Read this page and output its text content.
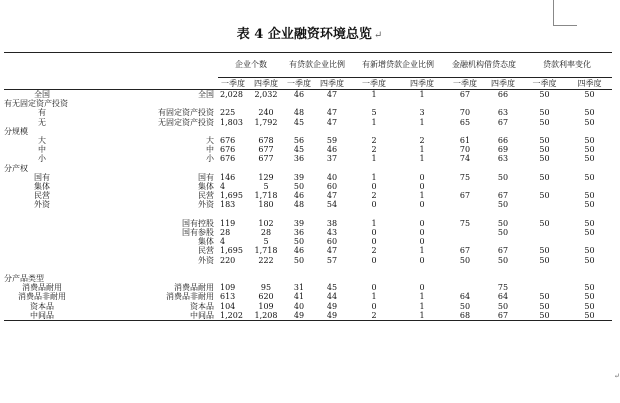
表 4 企业融资环境总览 ↵
		企业个数		有贷款企业比例		有新增贷款企业比例		金融机构借贷态度		贷款利率变化	
		一季度	四季度	一季度	四季度	一季度	四季度	一季度	四季度	一季度	四季度
全国	全国	2,028	2,032	46	47	1	1	67	66	50	50
有无固定资产投资											
有	有固定资产投资	225	240	48	47	5	3	70	63	50	50
无	无固定资产投资	1,803	1,792	45	47	1	1	65	67	50	50
分规模											
大	大	676	678	56	59	2	2	61	66	50	50
中	中	676	677	45	46	2	1	70	69	50	50
小	小	676	677	36	37	1	1	74	63	50	50
分产权											
国有	国有	146	129	39	40	1	0	75	50	50	50
集体	集体	4	5	50	60	0	0				
民营	民营	1,695	1,718	46	47	2	1	67	67	50	50
外资	外资	183	180	48	54	0	0		50		50

	国有控股	119	102	39	38	1	0	75	50	50	50
	国有参股	28	28	36	43	0	0		50		50
	集体	4	5	50	60	0	0				
	民营	1,695	1,718	46	47	2	1	67	67	50	50
	外资	220	222	50	57	0	0	50	50	50	50

分产品类型											
消费品耐用	消费品耐用	109	95	31	45	0	0		75		50
消费品非耐用	消费品非耐用	613	620	41	44	1	1	64	64	50	50
资本品	资本品	104	109	40	49	0	1	50	50	50	50
中间品	中间品	1,202	1,208	49	49	2	1	68	67	50	50
↵
